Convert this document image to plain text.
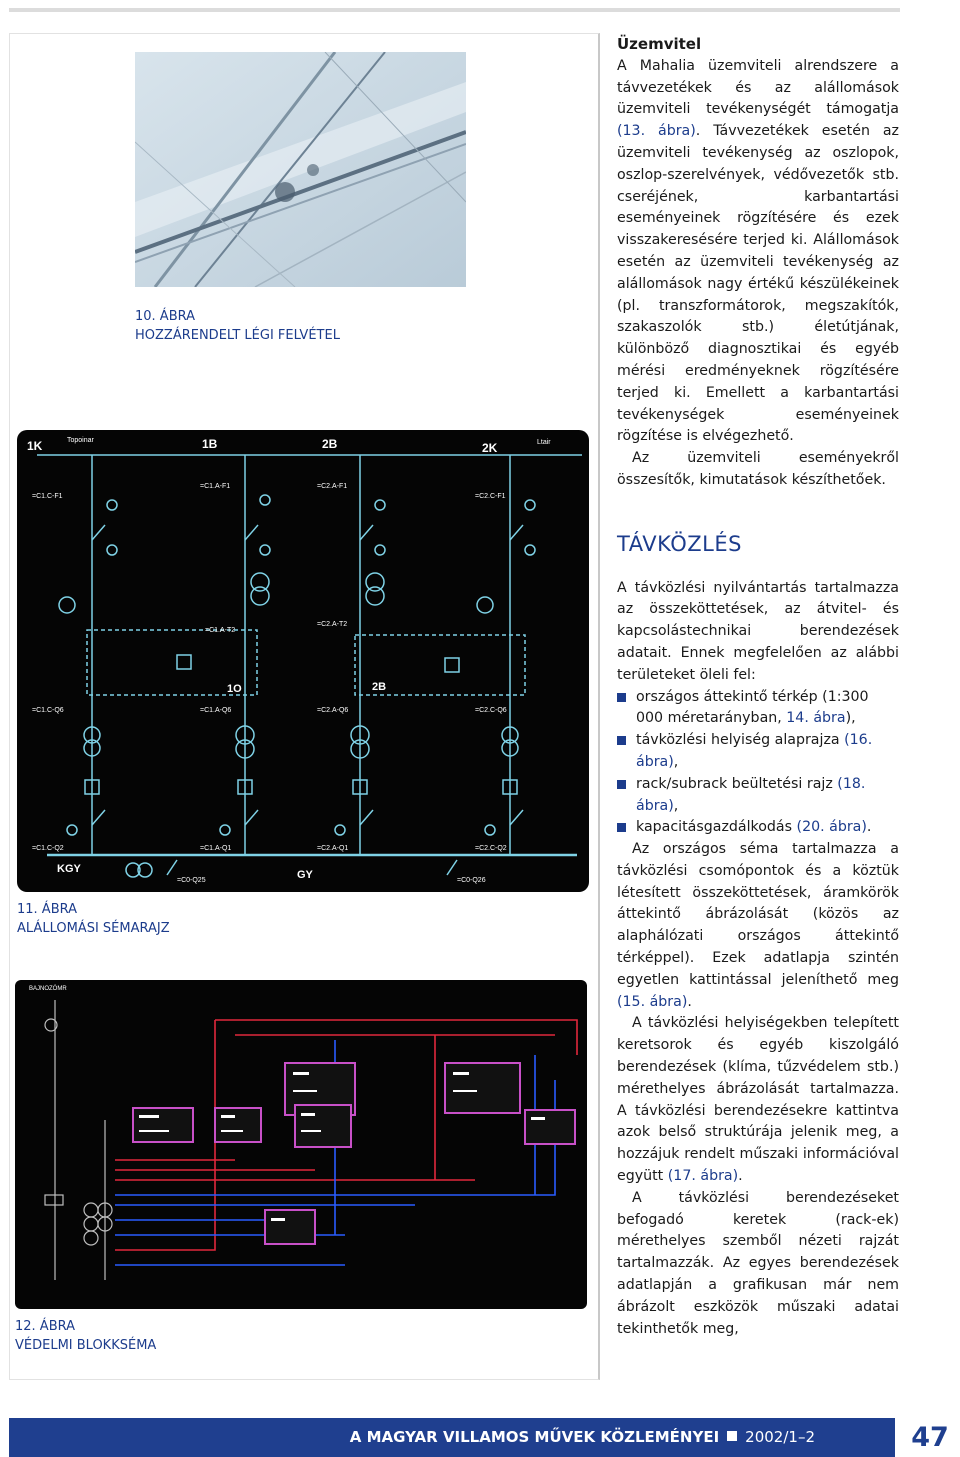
10. ÁBRA
HOZZÁRENDELT LÉGI FELVÉTEL
1K	1B	2B	2K
Topoinar	Ltair
1O	2B
KGY	GY
=C1.C-F1
=C1.A-F1	=C2.A-F1
=C2.C-F1
=C1.A-T2
=C2.A-T2
=C1.C-Q6	=C1.A-Q6	=C2.A-Q6	=C2.C-Q6
=C1.C-Q2	=C1.A-Q1	=C2.A-Q1	=C2.C-Q2
=C0-Q25	=C0-Q26
11. ÁBRA
ALÁLLOMÁSI SÉMARAJZ
BAJNOZÓMR
12. ÁBRA
VÉDELMI BLOKKSÉMA

Üzemvitel

A Mahalia üzemviteli alrendszere a távvezetékek és az alállomások üzemviteli tevékenységét támogatja (13. ábra). Távvezetékek esetén az üzemviteli tevékenység az oszlopok, oszlop-szerelvények, védővezetők stb. cseréjének, karbantartási eseményeinek rögzítésére és ezek visszakeresésére terjed ki. Alállomások esetén az üzemviteli tevékenység az alállomások nagy értékű készülékeinek (pl. transzformátorok, megszakítók, szakaszolók stb.) életútjának, különböző diagnosztikai és egyéb mérési eredményeknek rögzítésére terjed ki. Emellett a karbantartási tevékenységek eseményeinek rögzítése is elvégezhető.

Az üzemviteli eseményekről összesítők, kimutatások készíthetőek.

TÁVKÖZLÉS

A távközlési nyilvántartás tartalmazza az összeköttetések, az átvitel- és kapcsolástechnikai berendezések adatait. Ennek megfelelően az alábbi területeket öleli fel:

országos áttekintő térkép (1:300 000 méretarányban, 14. ábra),
távközlési helyiség alaprajza (16. ábra),
rack/subrack beültetési rajz (18. ábra),
kapacitásgazdálkodás (20. ábra).

Az országos séma tartalmazza a távközlési csomópontok és a köztük létesített összeköttetések, áramkörök áttekintő ábrázolását (közös az alaphálózati országos áttekintő térképpel). Ezek adatlapja szintén egyetlen kattintással jeleníthető meg (15. ábra).

A távközlési helyiségekben telepített keretsorok és egyéb kiszolgáló berendezések (klíma, tűzvédelem stb.) mérethelyes ábrázolását tartalmazza. A távközlési berendezésekre kattintva azok belső struktúrája jelenik meg, a hozzájuk rendelt műszaki információval együtt (17. ábra).

A távközlési berendezéseket befogadó keretek (rack-ek) mérethelyes szemből nézeti rajzát tartalmazzák. Az egyes berendezések adatlapján a grafikusan már nem ábrázolt eszközök műszaki adatai tekinthetők meg,

A MAGYAR VILLAMOS MŰVEK KÖZLEMÉNYEI 2002/1–2	47
